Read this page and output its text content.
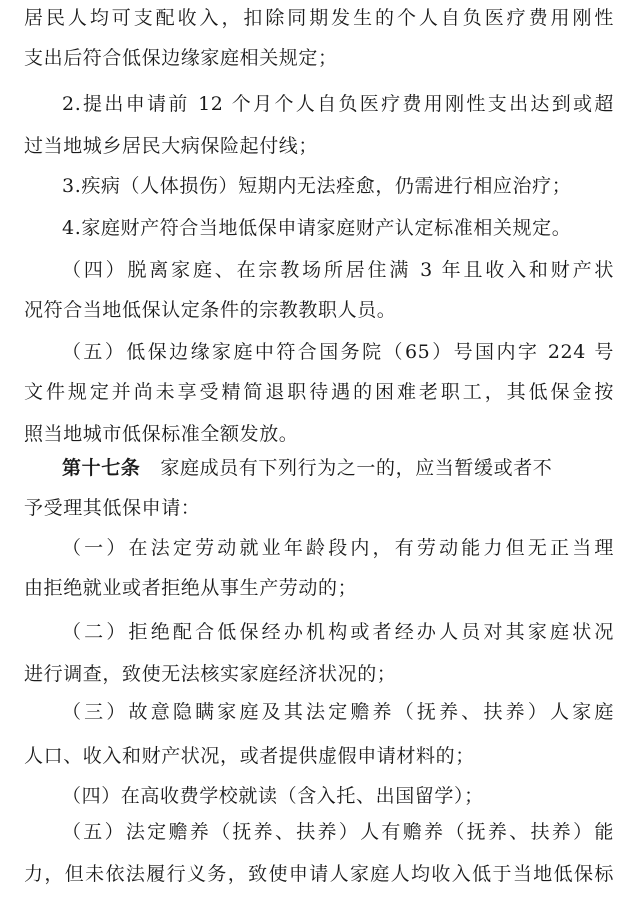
居民人均可支配收入，扣除同期发生的个人自负医疗费用刚性
支出后符合低保边缘家庭相关规定；
2.提出申请前 12 个月个人自负医疗费用刚性支出达到或超
过当地城乡居民大病保险起付线；
3.疾病（人体损伤）短期内无法痊愈，仍需进行相应治疗；
4.家庭财产符合当地低保申请家庭财产认定标准相关规定。
（四）脱离家庭、在宗教场所居住满 3 年且收入和财产状
况符合当地低保认定条件的宗教教职人员。
（五）低保边缘家庭中符合国务院（65）号国内字 224 号
文件规定并尚未享受精简退职待遇的困难老职工，其低保金按
照当地城市低保标准全额发放。
第十七条 家庭成员有下列行为之一的，应当暂缓或者不
予受理其低保申请：
（一）在法定劳动就业年龄段内，有劳动能力但无正当理
由拒绝就业或者拒绝从事生产劳动的；
（二）拒绝配合低保经办机构或者经办人员对其家庭状况
进行调查，致使无法核实家庭经济状况的；
（三）故意隐瞒家庭及其法定赡养（抚养、扶养）人家庭
人口、收入和财产状况，或者提供虚假申请材料的；
（四）在高收费学校就读（含入托、出国留学）；
（五）法定赡养（抚养、扶养）人有赡养（抚养、扶养）能
力，但未依法履行义务，致使申请人家庭人均收入低于当地低保标
